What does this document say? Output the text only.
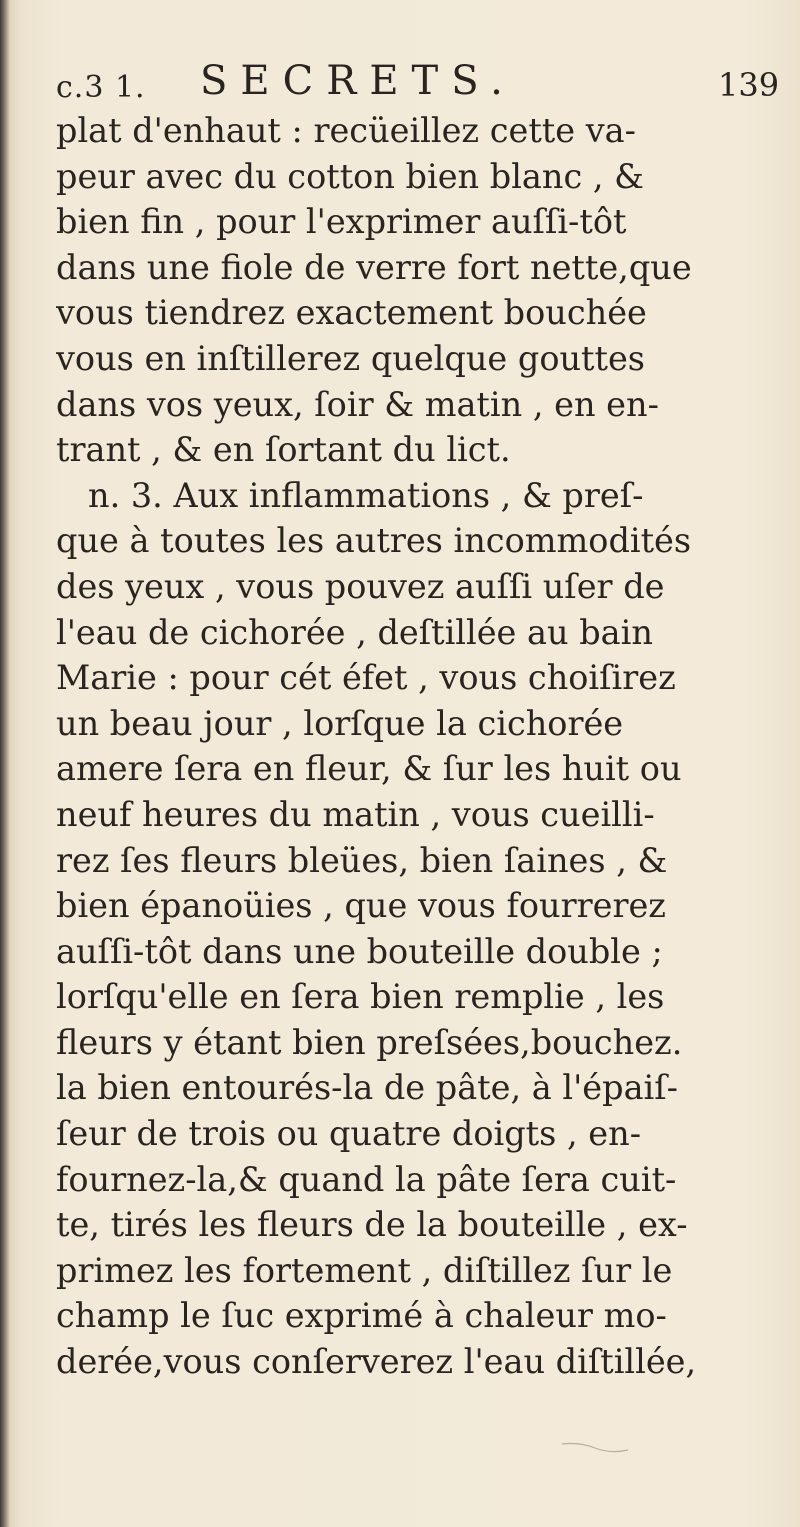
c.3 1. SECRETS.	139
plat d'enhaut : recüeillez cette va-
peur avec du cotton bien blanc , &
bien fin , pour l'exprimer auſſi-tôt
dans une fiole de verre fort nette,que
vous tiendrez exactement bouchée
vous en inſtillerez quelque gouttes
dans vos yeux, ſoir & matin , en en-
trant , & en ſortant du lict.
n. 3. Aux inflammations , & preſ-
que à toutes les autres incommodités
des yeux , vous pouvez auſſi uſer de
l'eau de cichorée , deſtillée au bain
Marie : pour cét éfet , vous choiſirez
un beau jour , lorſque la cichorée
amere ſera en fleur, & ſur les huit ou
neuf heures du matin , vous cueilli-
rez ſes fleurs bleües, bien ſaines , &
bien épanoüies , que vous fourrerez
auſſi-tôt dans une bouteille double ;
lorſqu'elle en ſera bien remplie , les
fleurs y étant bien preſsées,bouchez.
la bien entourés-la de pâte, à l'épaiſ-
ſeur de trois ou quatre doigts , en-
fournez-la,& quand la pâte ſera cuit-
te, tirés les fleurs de la bouteille , ex-
primez les fortement , diſtillez ſur le
champ le ſuc exprimé à chaleur mo-
derée,vous conſerverez l'eau diſtillée,
